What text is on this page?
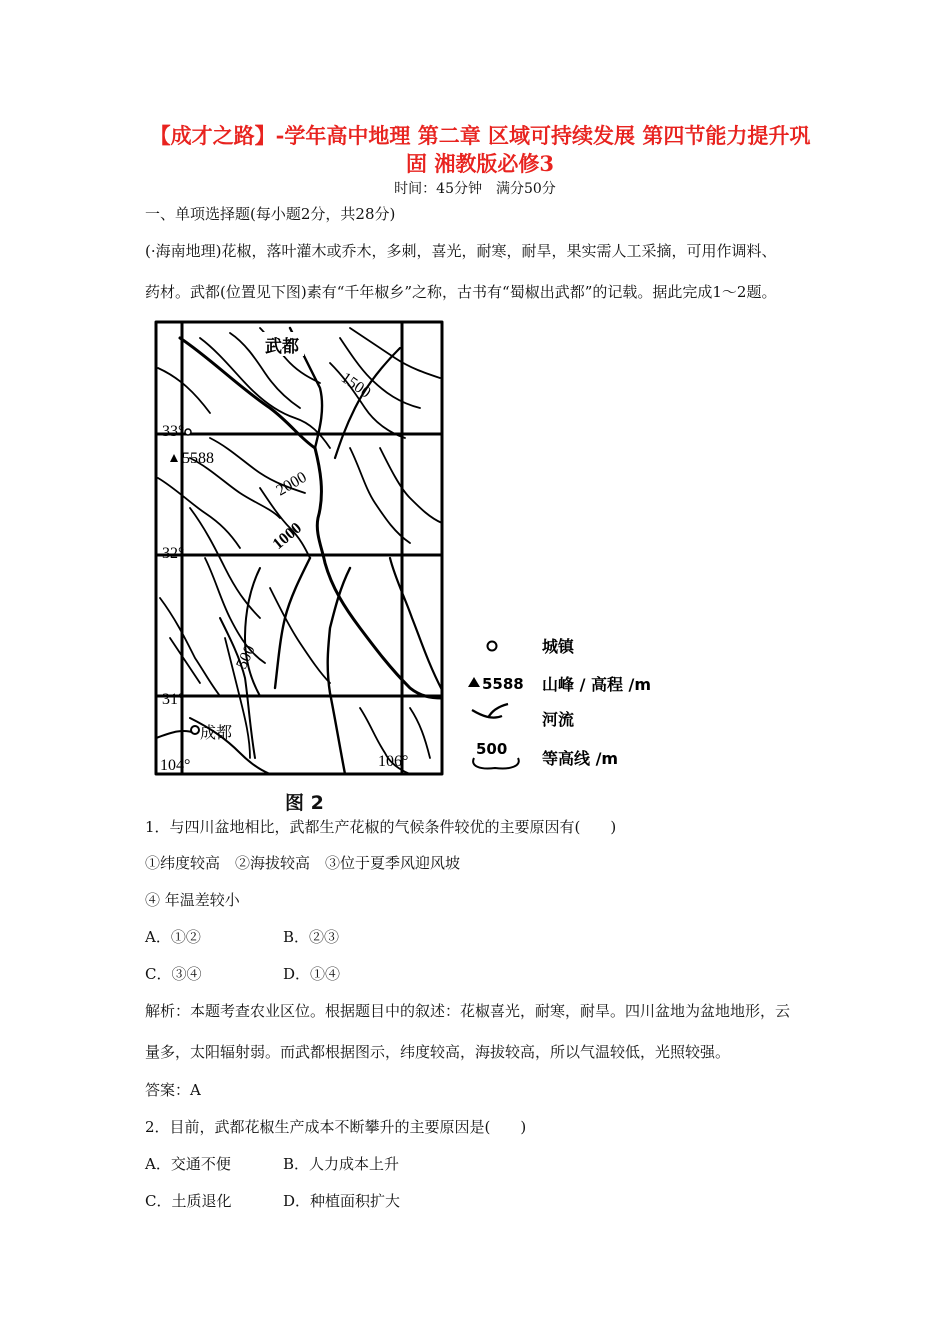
【成才之路】-学年高中地理 第二章 区域可持续发展 第四节能力提升巩
固 湘教版必修3
时间：45分钟　满分50分
一、单项选择题(每小题2分，共28分)
(·海南地理)花椒，落叶灌木或乔木，多刺，喜光，耐寒，耐旱，果实需人工采摘，可用作调料、
药材。武都(位置见下图)素有“千年椒乡”之称，古书有“蜀椒出武都”的记载。据此完成1～2题。
武都
1500
2000
1000
500
5588
成都
33°
32°
31°
104°	106°
城镇
5588 山峰 / 高程 /m
河流
500 等高线 /m
图 2
1．与四川盆地相比，武都生产花椒的气候条件较优的主要原因有(　　)
①纬度较高　②海拔较高　③位于夏季风迎风坡
④ 年温差较小
A．①②	B．②③
C．③④	D．①④
解析：本题考查农业区位。根据题目中的叙述：花椒喜光，耐寒，耐旱。四川盆地为盆地地形，云
量多，太阳辐射弱。而武都根据图示，纬度较高，海拔较高，所以气温较低，光照较强。
答案：A
2．目前，武都花椒生产成本不断攀升的主要原因是(　　)
A．交通不便	B．人力成本上升
C．土质退化	D．种植面积扩大
